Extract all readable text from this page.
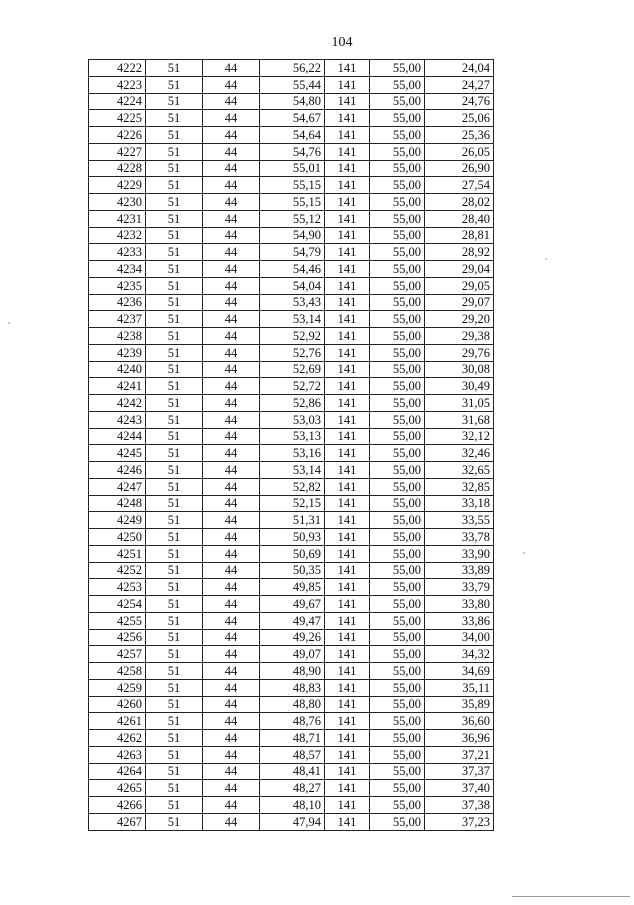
104
4222	51	44	56,22	141	55,00	24,04
4223	51	44	55,44	141	55,00	24,27
4224	51	44	54,80	141	55,00	24,76
4225	51	44	54,67	141	55,00	25,06
4226	51	44	54,64	141	55,00	25,36
4227	51	44	54,76	141	55,00	26,05
4228	51	44	55,01	141	55,00	26,90
4229	51	44	55,15	141	55,00	27,54
4230	51	44	55,15	141	55,00	28,02
4231	51	44	55,12	141	55,00	28,40
4232	51	44	54,90	141	55,00	28,81
4233	51	44	54,79	141	55,00	28,92
4234	51	44	54,46	141	55,00	29,04
4235	51	44	54,04	141	55,00	29,05
4236	51	44	53,43	141	55,00	29,07
4237	51	44	53,14	141	55,00	29,20
4238	51	44	52,92	141	55,00	29,38
4239	51	44	52,76	141	55,00	29,76
4240	51	44	52,69	141	55,00	30,08
4241	51	44	52,72	141	55,00	30,49
4242	51	44	52,86	141	55,00	31,05
4243	51	44	53,03	141	55,00	31,68
4244	51	44	53,13	141	55,00	32,12
4245	51	44	53,16	141	55,00	32,46
4246	51	44	53,14	141	55,00	32,65
4247	51	44	52,82	141	55,00	32,85
4248	51	44	52,15	141	55,00	33,18
4249	51	44	51,31	141	55,00	33,55
4250	51	44	50,93	141	55,00	33,78
4251	51	44	50,69	141	55,00	33,90
4252	51	44	50,35	141	55,00	33,89
4253	51	44	49,85	141	55,00	33,79
4254	51	44	49,67	141	55,00	33,80
4255	51	44	49,47	141	55,00	33,86
4256	51	44	49,26	141	55,00	34,00
4257	51	44	49,07	141	55,00	34,32
4258	51	44	48,90	141	55,00	34,69
4259	51	44	48,83	141	55,00	35,11
4260	51	44	48,80	141	55,00	35,89
4261	51	44	48,76	141	55,00	36,60
4262	51	44	48,71	141	55,00	36,96
4263	51	44	48,57	141	55,00	37,21
4264	51	44	48,41	141	55,00	37,37
4265	51	44	48,27	141	55,00	37,40
4266	51	44	48,10	141	55,00	37,38
4267	51	44	47,94	141	55,00	37,23
